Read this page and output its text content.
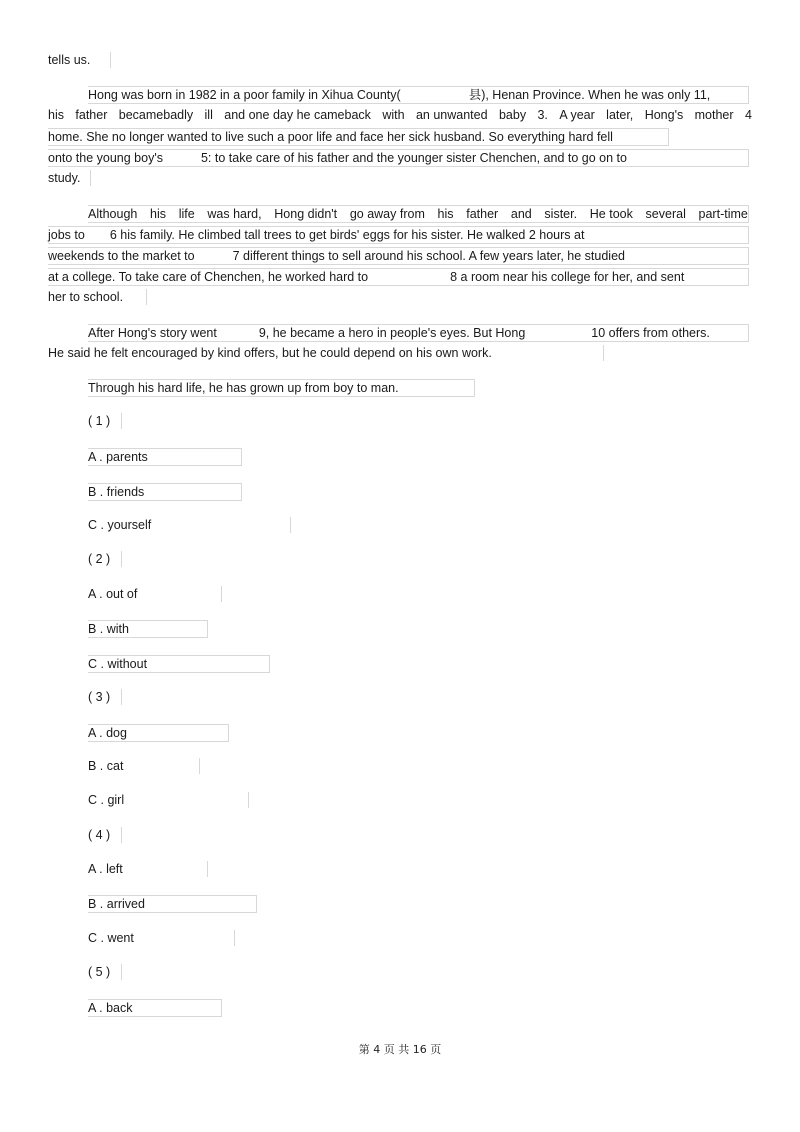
tells us.
Hong was born in 1982 in a poor family in Xihua County(	县), Henan Province. When he was only 11,
his father becamebadly ill and one day he cameback with an unwanted baby 3. A year later, Hong's mother 4
home. She no longer wanted to live such a poor life and face her sick husband. So everything hard fell
onto the young boy's	5: to take care of his father and the younger sister Chenchen, and to go on to
study.
Although his life was hard, Hong didn't go away from his father and sister. He took several part-time
jobs to 6 his family. He climbed tall trees to get birds' eggs for his sister. He walked 2 hours at
weekends to the market to	7 different things to sell around his school. A few years later, he studied
at a college. To take care of Chenchen, he worked hard to	8 a room near his college for her, and sent
her to school.
After Hong's story went	9, he became a hero in people's eyes. But Hong	10 offers from others.
He said he felt encouraged by kind offers, but he could depend on his own work.
Through his hard life, he has grown up from boy to man.
( 1 )
A . parents
B . friends
C . yourself
( 2 )
A . out of
B . with
C . without
( 3 )
A . dog
B . cat
C . girl
( 4 )
A . left
B . arrived
C . went
( 5 )
A . back
第 4 页 共 16 页
